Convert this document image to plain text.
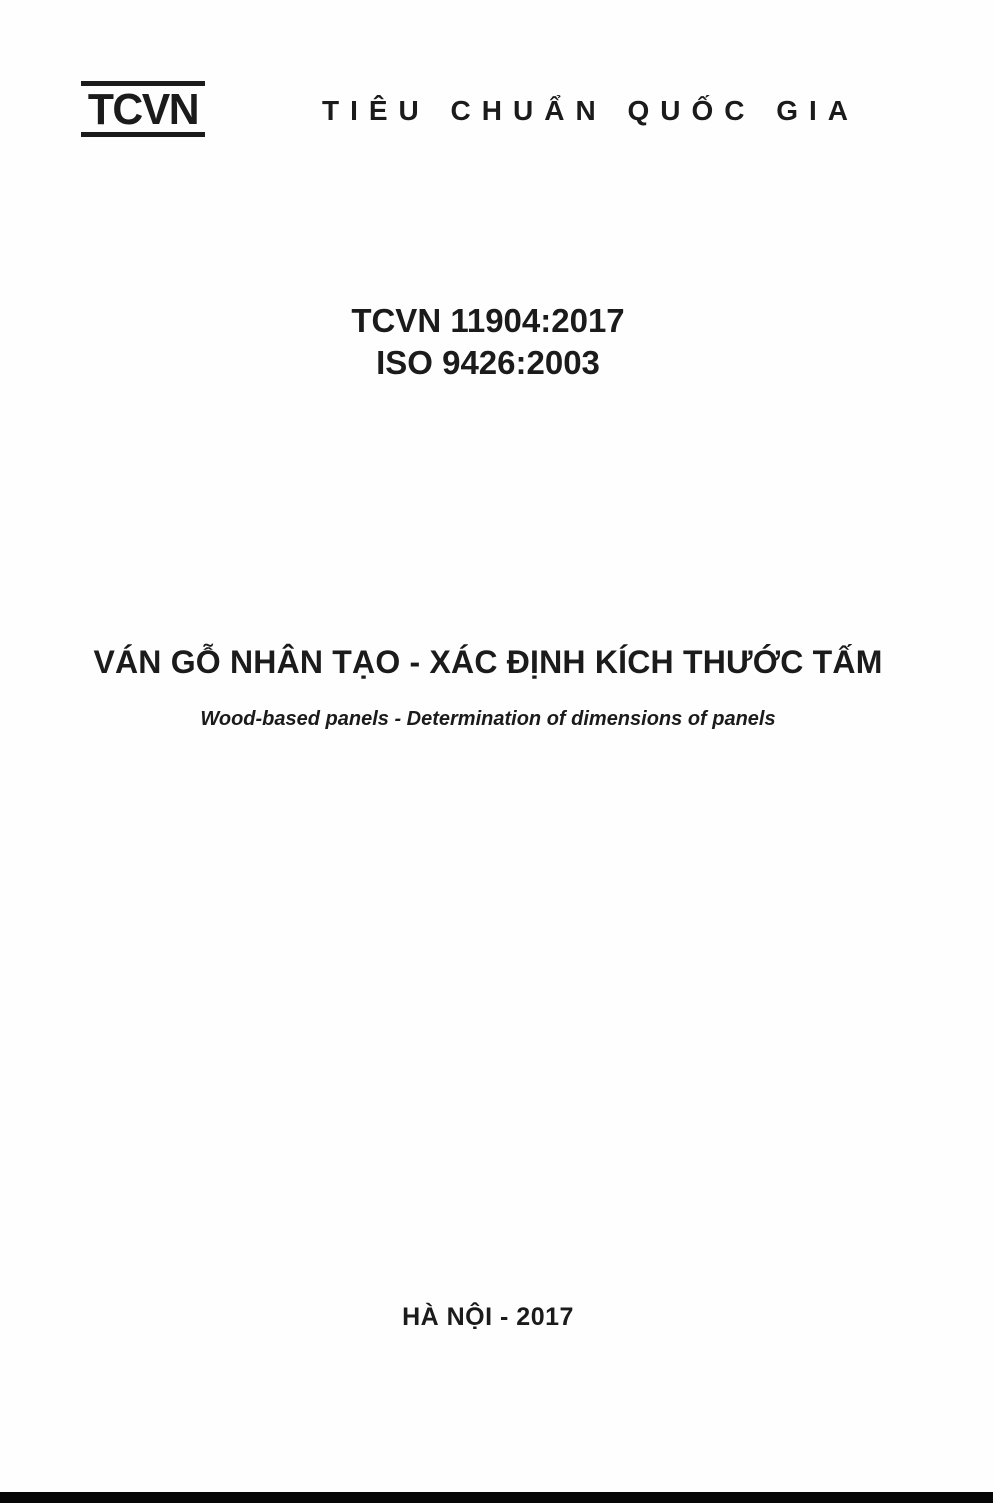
TCVN	TIÊU CHUẨN QUỐC GIA
TCVN 11904:2017
ISO 9426:2003
VÁN GỖ NHÂN TẠO - XÁC ĐỊNH KÍCH THƯỚC TẤM
Wood-based panels - Determination of dimensions of panels
HÀ NỘI - 2017
